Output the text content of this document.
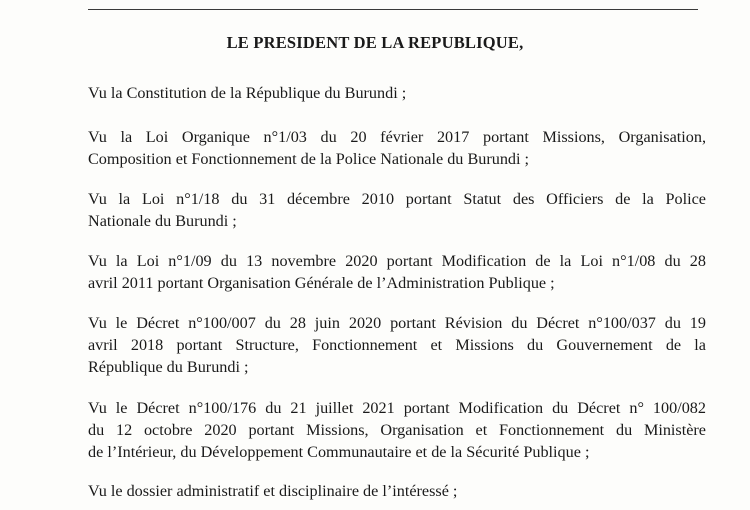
LE PRESIDENT DE LA REPUBLIQUE,
Vu la Constitution de la République du Burundi ;
Vu la Loi Organique n°1/03 du 20 février 2017 portant Missions, Organisation,
Composition et Fonctionnement de la Police Nationale du Burundi ;
Vu la Loi n°1/18 du 31 décembre 2010 portant Statut des Officiers de la Police
Nationale du Burundi ;
Vu la Loi n°1/09 du 13 novembre 2020 portant Modification de la Loi n°1/08 du 28
avril 2011 portant Organisation Générale de l’Administration Publique ;
Vu le Décret n°100/007 du 28 juin 2020 portant Révision du Décret n°100/037 du 19
avril 2018 portant Structure, Fonctionnement et Missions du Gouvernement de la
République du Burundi ;
Vu le Décret n°100/176 du 21 juillet 2021 portant Modification du Décret n° 100/082
du 12 octobre 2020 portant Missions, Organisation et Fonctionnement du Ministère
de l’Intérieur, du Développement Communautaire et de la Sécurité Publique ;
Vu le dossier administratif et disciplinaire de l’intéressé ;
